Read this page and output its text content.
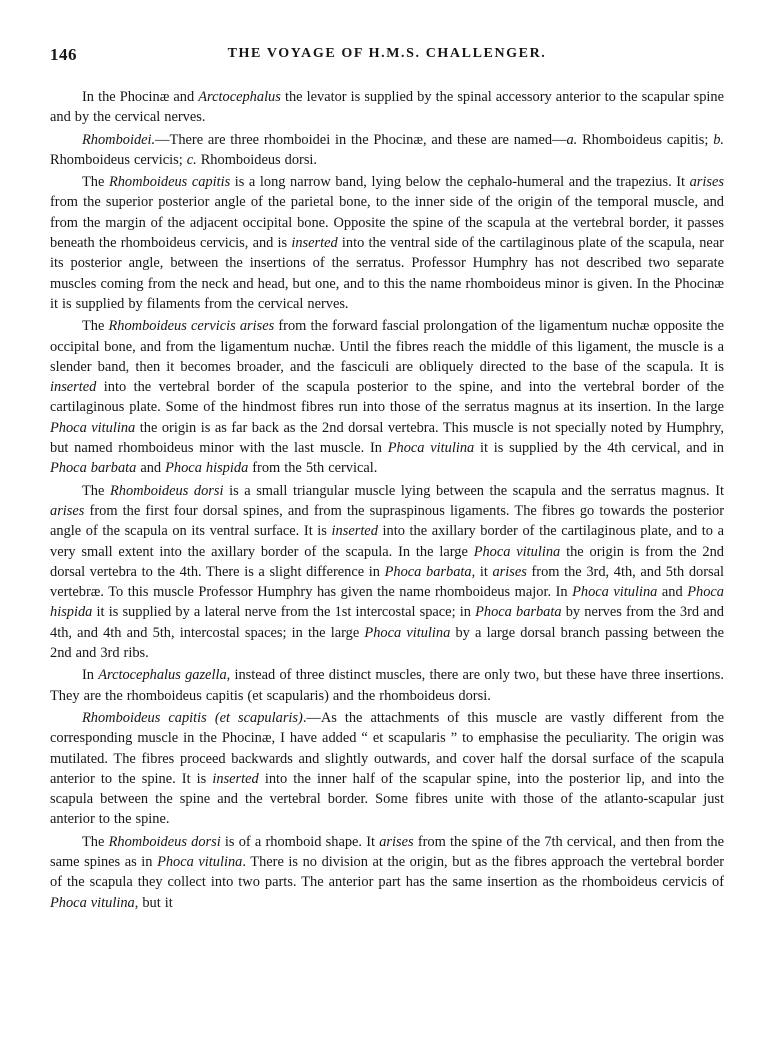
146	THE VOYAGE OF H.M.S. CHALLENGER.

In the Phocinæ and Arctocephalus the levator is supplied by the spinal accessory anterior to the scapular spine and by the cervical nerves.

Rhomboidei.—There are three rhomboidei in the Phocinæ, and these are named—a. Rhomboideus capitis; b. Rhomboideus cervicis; c. Rhomboideus dorsi.

The Rhomboideus capitis is a long narrow band, lying below the cephalo-humeral and the trapezius. It arises from the superior posterior angle of the parietal bone, to the inner side of the origin of the temporal muscle, and from the margin of the adjacent occipital bone. Opposite the spine of the scapula at the vertebral border, it passes beneath the rhomboideus cervicis, and is inserted into the ventral side of the cartilaginous plate of the scapula, near its posterior angle, between the insertions of the serratus. Professor Humphry has not described two separate muscles coming from the neck and head, but one, and to this the name rhomboideus minor is given. In the Phocinæ it is supplied by filaments from the cervical nerves.

The Rhomboideus cervicis arises from the forward fascial prolongation of the ligamentum nuchæ opposite the occipital bone, and from the ligamentum nuchæ. Until the fibres reach the middle of this ligament, the muscle is a slender band, then it becomes broader, and the fasciculi are obliquely directed to the base of the scapula. It is inserted into the vertebral border of the scapula posterior to the spine, and into the vertebral border of the cartilaginous plate. Some of the hindmost fibres run into those of the serratus magnus at its insertion. In the large Phoca vitulina the origin is as far back as the 2nd dorsal vertebra. This muscle is not specially noted by Humphry, but named rhomboideus minor with the last muscle. In Phoca vitulina it is supplied by the 4th cervical, and in Phoca barbata and Phoca hispida from the 5th cervical.

The Rhomboideus dorsi is a small triangular muscle lying between the scapula and the serratus magnus. It arises from the first four dorsal spines, and from the supraspinous ligaments. The fibres go towards the posterior angle of the scapula on its ventral surface. It is inserted into the axillary border of the cartilaginous plate, and to a very small extent into the axillary border of the scapula. In the large Phoca vitulina the origin is from the 2nd dorsal vertebra to the 4th. There is a slight difference in Phoca barbata, it arises from the 3rd, 4th, and 5th dorsal vertebræ. To this muscle Professor Humphry has given the name rhomboideus major. In Phoca vitulina and Phoca hispida it is supplied by a lateral nerve from the 1st intercostal space; in Phoca barbata by nerves from the 3rd and 4th, and 4th and 5th, intercostal spaces; in the large Phoca vitulina by a large dorsal branch passing between the 2nd and 3rd ribs.

In Arctocephalus gazella, instead of three distinct muscles, there are only two, but these have three insertions. They are the rhomboideus capitis (et scapularis) and the rhomboideus dorsi.

Rhomboideus capitis (et scapularis).—As the attachments of this muscle are vastly different from the corresponding muscle in the Phocinæ, I have added “ et scapularis ” to emphasise the peculiarity. The origin was mutilated. The fibres proceed backwards and slightly outwards, and cover half the dorsal surface of the scapula anterior to the spine. It is inserted into the inner half of the scapular spine, into the posterior lip, and into the scapula between the spine and the vertebral border. Some fibres unite with those of the atlanto-scapular just anterior to the spine.

The Rhomboideus dorsi is of a rhomboid shape. It arises from the spine of the 7th cervical, and then from the same spines as in Phoca vitulina. There is no division at the origin, but as the fibres approach the vertebral border of the scapula they collect into two parts. The anterior part has the same insertion as the rhomboideus cervicis of Phoca vitulina, but it
